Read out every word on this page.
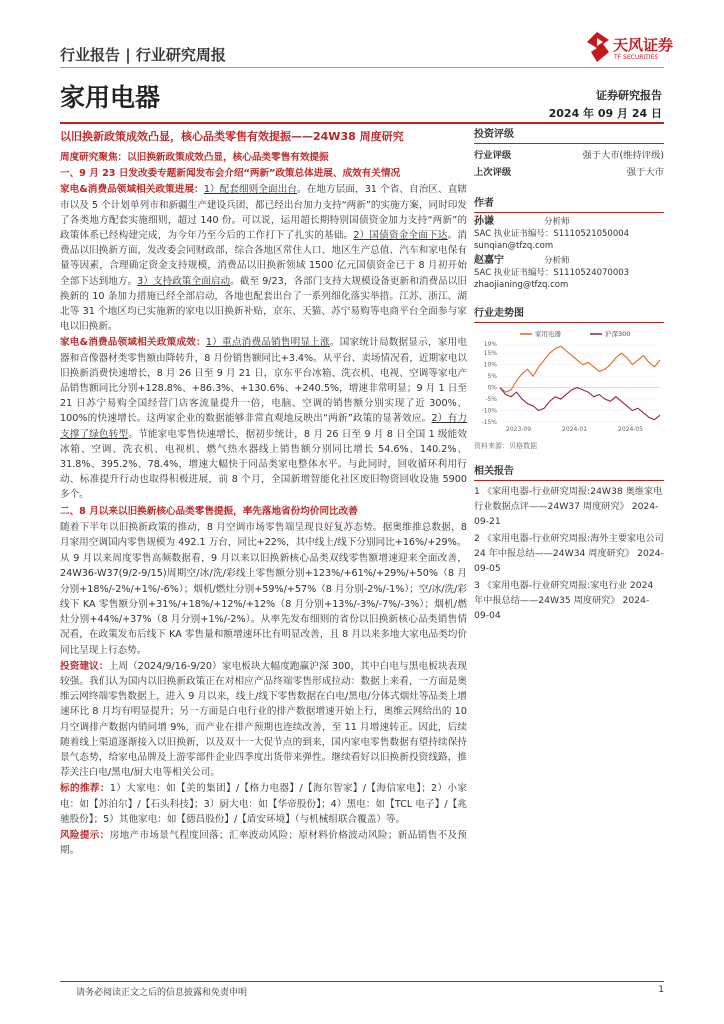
行业报告 | 行业研究周报
家用电器
天风证券
TF SECURITIES
证券研究报告
2024 年 09 月 24 日
以旧换新政策成效凸显，核心品类零售有效提振——24W38 周度研究

周度研究聚焦：以旧换新政策成效凸显，核心品类零售有效提振

一、9 月 23 日发改委专题新闻发布会介绍“两新”政策总体进展、成效有关情况

家电&消费品领域相关政策进展：1）配套细则全面出台。在地方层面，31 个省、自治区、直辖市以及 5 个计划单列市和新疆生产建设兵团，都已经出台加力支持“两新”的实施方案，同时印发了各类地方配套实施细则，超过 140 份。可以说，运用超长期特别国债资金加力支持“两新”的政策体系已经构建完成，为今年乃至今后的工作打下了扎实的基础。2）国债资金全面下达。消费品以旧换新方面，发改委会同财政部，综合各地区常住人口、地区生产总值、汽车和家电保有量等因素，合理确定资金支持规模，消费品以旧换新领域 1500 亿元国债资金已于 8 月初开始全部下达到地方。3）支持政策全面启动。截至 9/23，各部门支持大规模设备更新和消费品以旧换新的 10 条加力措施已经全部启动，各地也配套出台了一系列细化落实举措。江苏、浙江、湖北等 31 个地区均已实施新的家电以旧换新补贴，京东、天猫、苏宁易购等电商平台全面参与家电以旧换新。

家电&消费品领域相关政策成效：1）重点消费品销售明显上涨。国家统计局数据显示，家用电器和音像器材类零售额由降转升，8 月份销售额同比+3.4%。从平台、卖场情况看，近期家电以旧换新消费快速增长，8 月 26 日至 9 月 21 日，京东平台冰箱、洗衣机、电视、空调等家电产品销售额同比分别+128.8%、+86.3%、+130.6%、+240.5%，增速非常明显；9 月 1 日至 21 日苏宁易购全国经营门店客流量提升一倍，电脑、空调的销售额分别实现了近 300%、100%的快速增长。这两家企业的数据能够非常直观地反映出“两新”政策的显著效应。2）有力支撑了绿色转型。节能家电零售快速增长，据初步统计，8 月 26 日至 9 月 8 日全国 1 级能效冰箱、空调、洗衣机、电视机、燃气热水器线上销售额分别同比增长 54.6%、140.2%、31.8%、395.2%、78.4%，增速大幅快于同品类家电整体水平。与此同时，回收循环利用行动、标准提升行动也取得积极进展，前 8 个月，全国新增智能化社区废旧物资回收设施 5900 多个。

二、8 月以来以旧换新核心品类零售提振，率先落地省份均价同比改善

随着下半年以旧换新政策的推动，8 月空调市场零售端呈现良好复苏态势。据奥维推总数据，8 月家用空调国内零售规模为 492.1 万台，同比+22%，其中线上/线下分别同比+16%/+29%。

从 9 月以来周度零售高频数据看，9 月以来以旧换新核心品类双线零售额增速迎来全面改善，24W36-W37(9/2-9/15)周期空/冰/洗/彩线上零售额分别+123%/+61%/+29%/+50%（8 月分别+18%/-2%/+1%/-6%）；烟机/燃灶分别+59%/+57%（8 月分别-2%/-1%）；空/冰/洗/彩线下 KA 零售额分别+31%/+18%/+12%/+12%（8 月分别+13%/-3%/-7%/-3%）；烟机/燃灶分别+44%/+37%（8 月分别+1%/-2%）。从率先发布细则的省份以旧换新核心品类销售情况看，在政策发布后线下 KA 零售量和额增速环比有明显改善，且 8 月以来多地大家电品类均价同比呈现上行态势。

投资建议：上周（2024/9/16-9/20）家电板块大幅度跑赢沪深 300，其中白电与黑电板块表现较强。我们认为国内以旧换新政策正在对相应产品终端零售形成拉动：数据上来看，一方面是奥维云网终端零售数据上，进入 9 月以来，线上/线下零售数据在白电/黑电/分体式烟灶等品类上增速环比 8 月均有明显提升；另一方面是白电行业的排产数据增速开始上行，奥维云网给出的 10 月空调排产数据内销同增 9%，而产业在排产预期也连续改善，至 11 月增速转正。因此，后续随着线上渠道逐渐接入以旧换新，以及双十一大促节点的到来，国内家电零售数据有望持续保持景气态势，给家电品牌及上游零部件企业四季度出货带来弹性。继续看好以旧换新投资线路，推荐关注白电/黑电/厨大电等相关公司。

标的推荐：1）大家电：如【美的集团】/【格力电器】/【海尔智家】/【海信家电】；2）小家电：如【苏泊尔】/【石头科技】；3）厨大电：如【华帝股份】；4）黑电：如【TCL 电子】/【兆驰股份】；5）其他家电：如【德昌股份】/【盾安环境】（与机械组联合覆盖）等。

风险提示：房地产市场景气程度回落；汇率波动风险；原材料价格波动风险；新品销售不及预期。

投资评级
行业评级	强于大市(维持评级)
上次评级	强于大市
作者
孙谦	分析师
SAC 执业证书编号：S1110521050004
sunqian@tfzq.com
赵嘉宁	分析师
SAC 执业证书编号：S1110524070003
zhaojianing@tfzq.com
行业走势图
19%
15%
10%
5%
0%
-5%
-10%
-15%
2023-09	2024-01	2024-05
家用电器	沪深300
资料来源：贝格数据
相关报告

1 《家用电器-行业研究周报:24W38 奥维家电行业数据点评——24W37 周度研究》 2024-09-21

2 《家用电器-行业研究周报:海外主要家电公司 24 年中报总结——24W34 周度研究》 2024-09-05

3 《家用电器-行业研究周报:家电行业 2024 年中报总结——24W35 周度研究》 2024-09-04

请务必阅读正文之后的信息披露和免责申明	1
